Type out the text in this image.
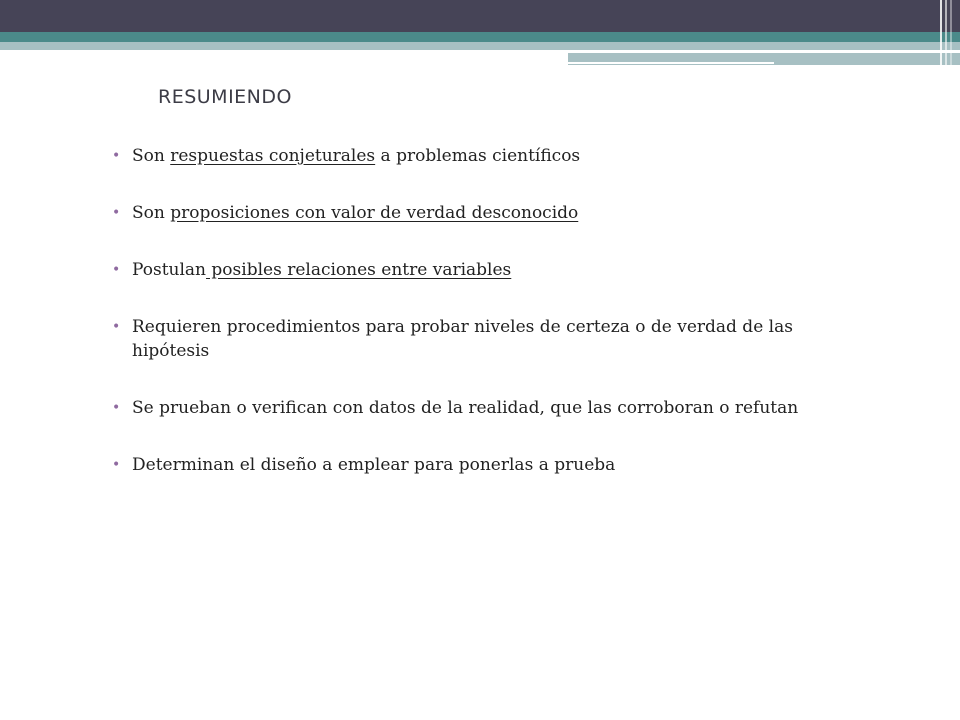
RESUMIENDO
• Son respuestas conjeturales a problemas científicos
• Son proposiciones con valor de verdad desconocido
• Postulan posibles relaciones entre variables
• Requieren procedimientos para probar niveles de certeza o de verdad de las hipótesis
• Se prueban o verifican con datos de la realidad, que las corroboran o refutan
• Determinan el diseño a emplear para ponerlas a prueba
